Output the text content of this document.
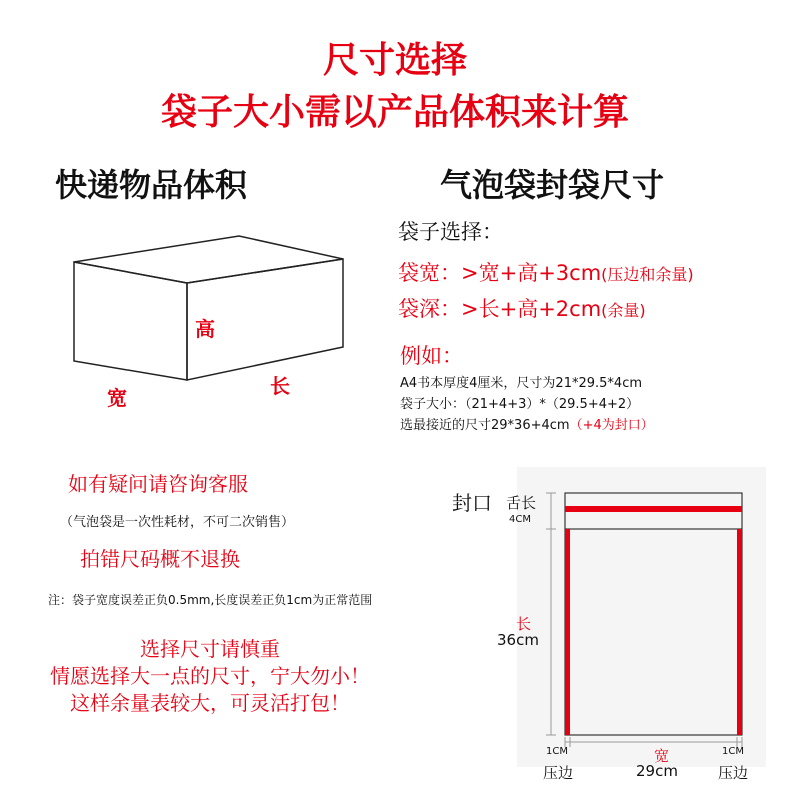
尺寸选择
袋子大小需以产品体积来计算
快递物品体积	气泡袋封袋尺寸
高
宽	长
袋子选择：
袋宽：>宽+高+3cm(压边和余量)
袋深：>长+高+2cm(余量)
例如：
A4书本厚度4厘米，尺寸为21*29.5*4cm
袋子大小：（21+4+3）*（29.5+4+2）
选最接近的尺寸29*36+4cm（+4为封口）
如有疑问请咨询客服
（气泡袋是一次性耗材，不可二次销售）
拍错尺码概不退换
注：袋子宽度误差正负0.5mm,长度误差正负1cm为正常范围
选择尺寸请慎重
情愿选择大一点的尺寸，宁大勿小！
这样余量表较大，可灵活打包！
封口 舌长
4CM
长
36cm
1CM
压边
宽
29cm
1CM
压边
